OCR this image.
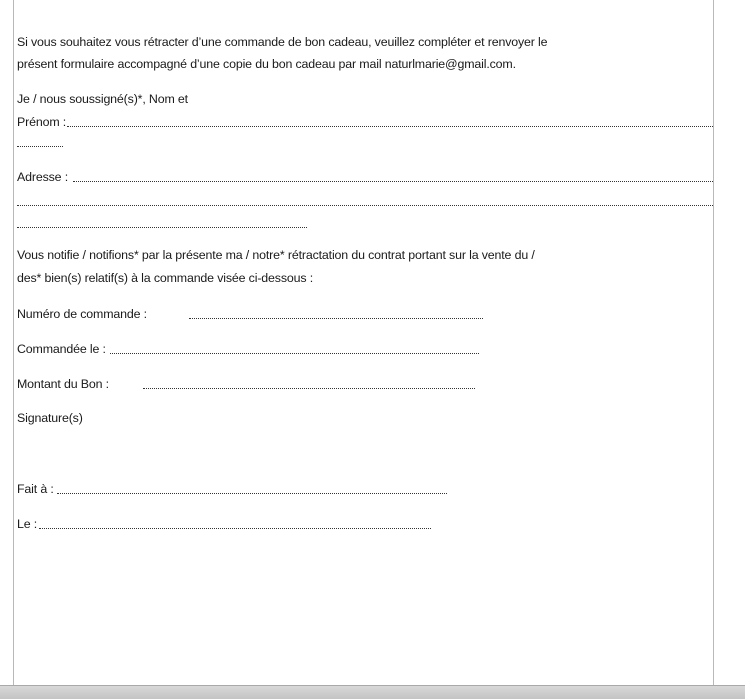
Si vous souhaitez vous rétracter d’une commande de bon cadeau, veuillez compléter et renvoyer le
présent formulaire accompagné d’une copie du bon cadeau par mail naturlmarie@gmail.com.
Je / nous soussigné(s)*, Nom et
Prénom :
Adresse :
Vous notifie / notifions* par la présente ma / notre* rétractation du contrat portant sur la vente du /
des* bien(s) relatif(s) à la commande visée ci-dessous :
Numéro de commande :
Commandée le :
Montant du Bon :
Signature(s)
Fait à :
Le :
